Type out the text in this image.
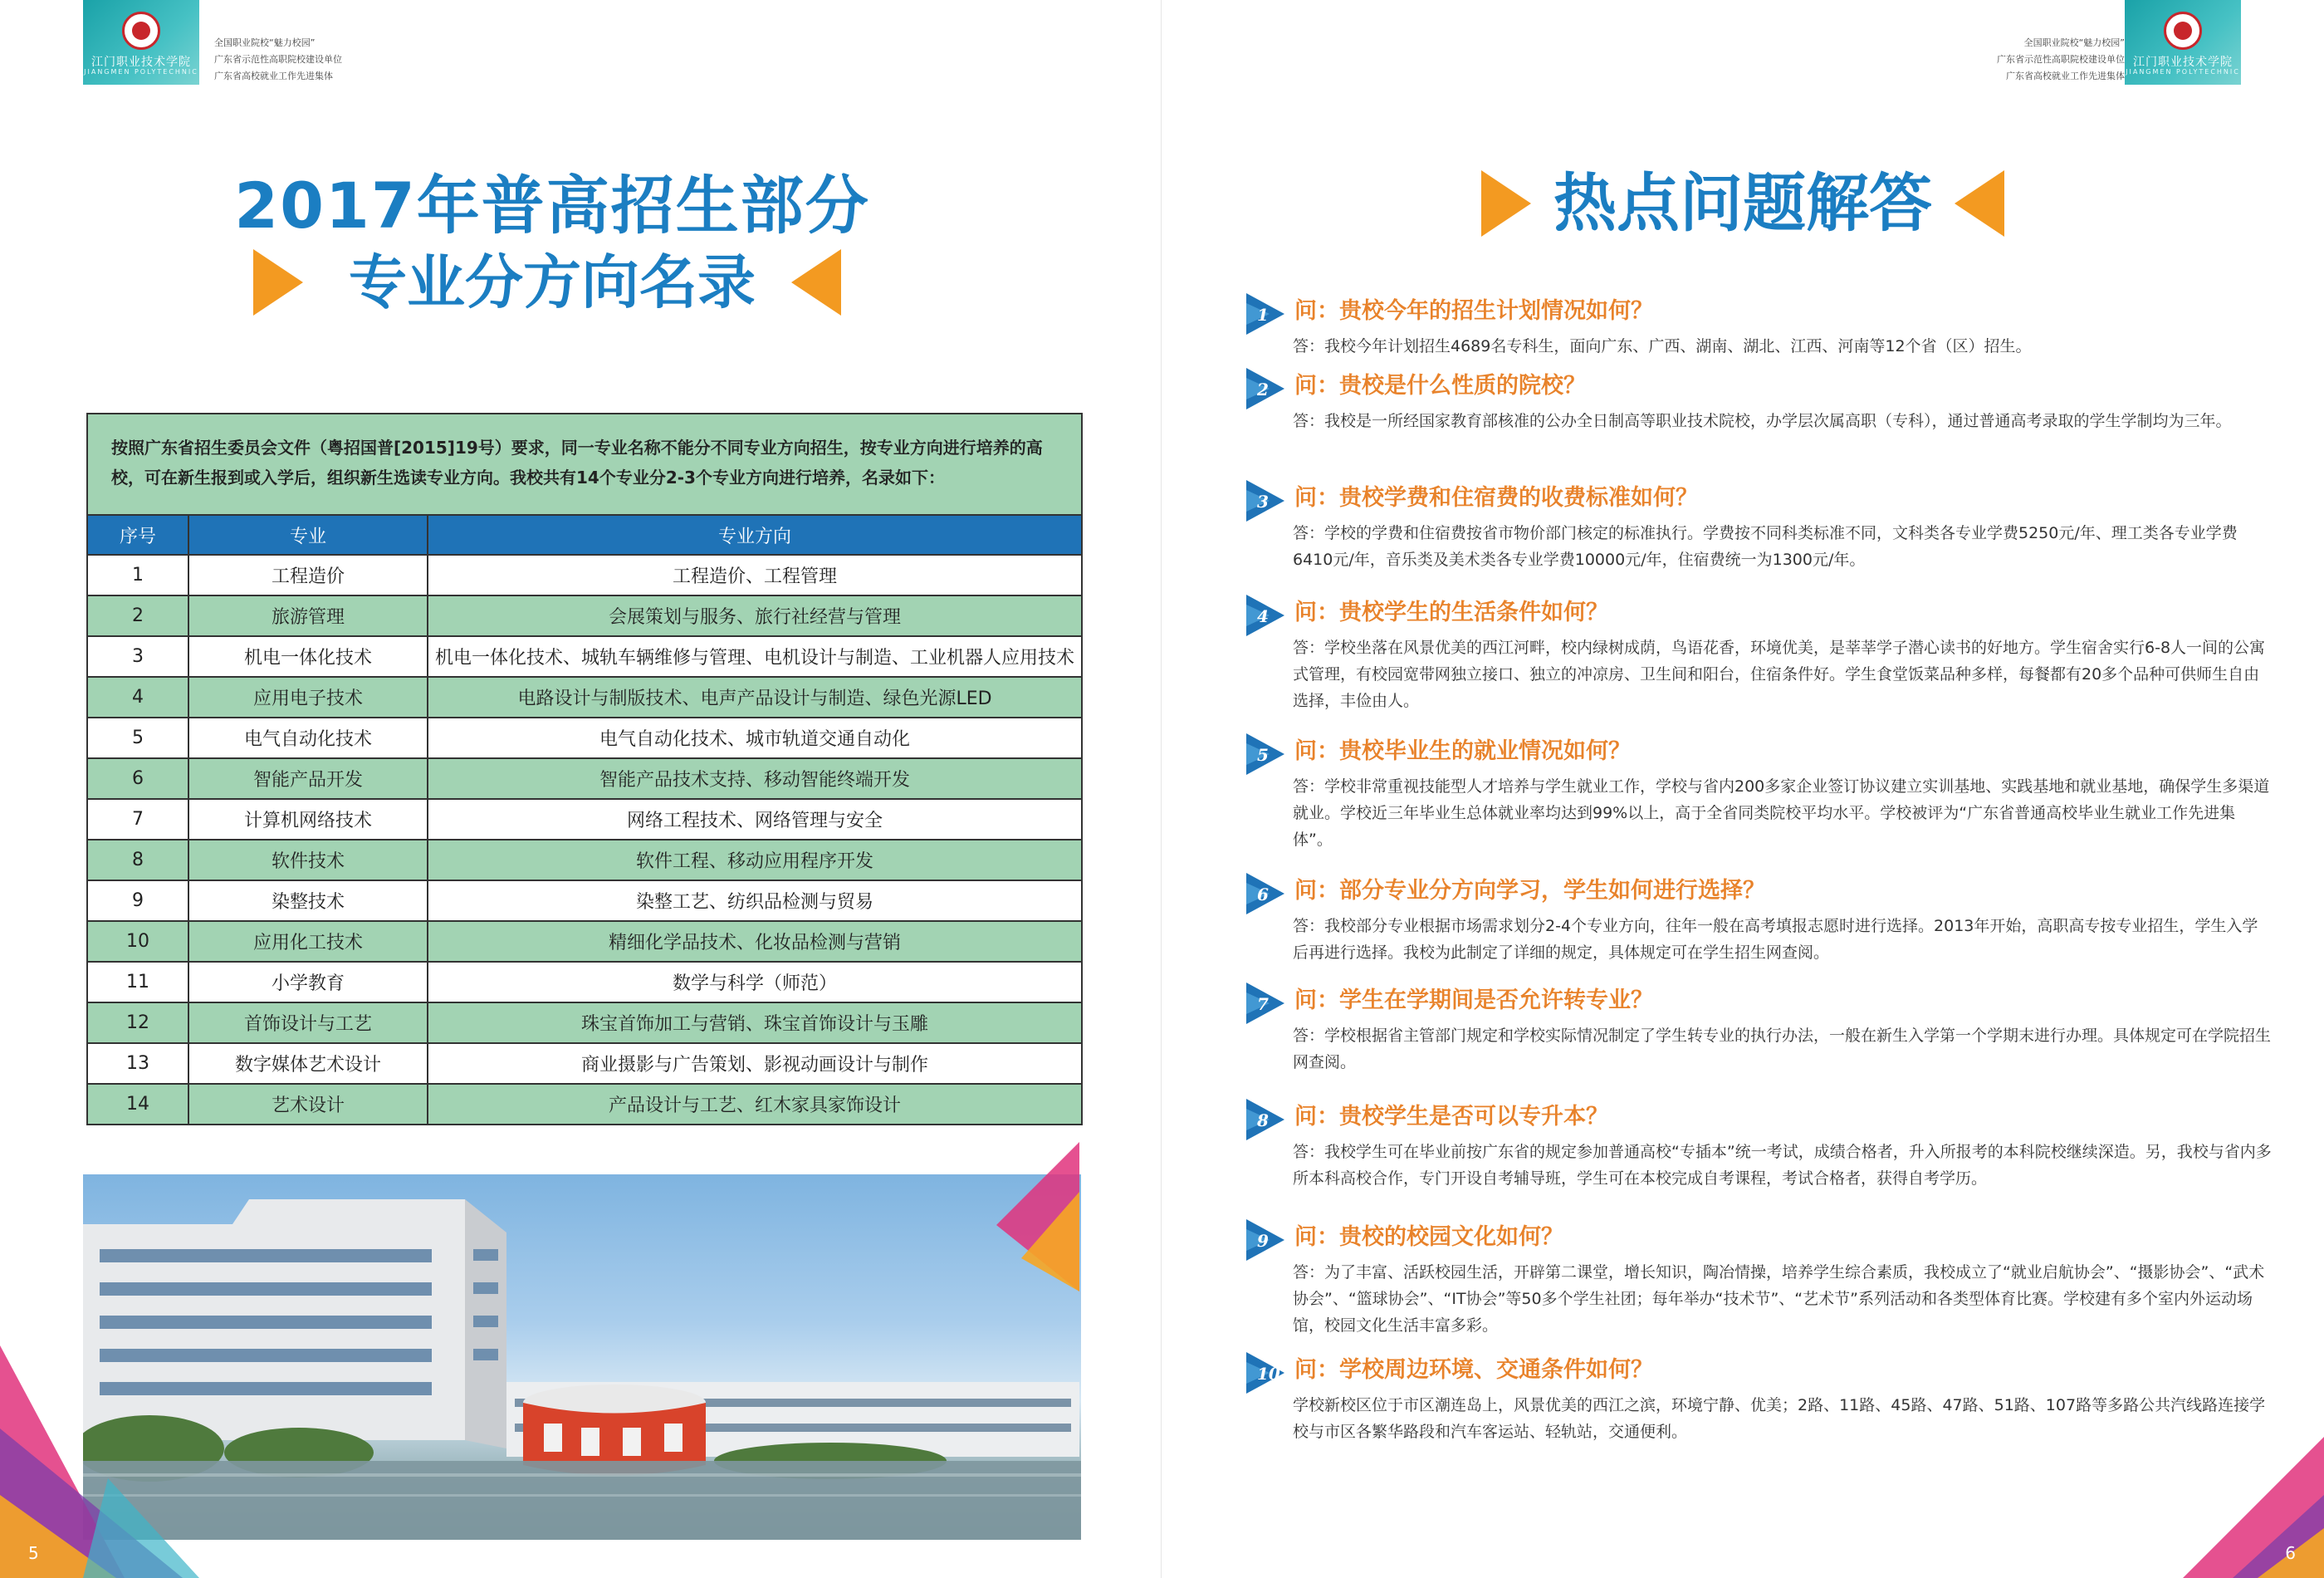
江门职业技术学院
JIANGMEN POLYTECHNIC
全国职业院校“魅力校园”
广东省示范性高职院校建设单位
广东省高校就业工作先进集体
2017年普高招生部分
专业分方向名录
按照广东省招生委员会文件（粤招国普[2015]19号）要求，同一专业名称不能分不同专业方向招生，按专业方向进行培养的高校，可在新生报到或入学后，组织新生选读专业方向。我校共有14个专业分2-3个专业方向进行培养，名录如下：
序号	专业	专业方向
1	工程造价	工程造价、工程管理
2	旅游管理	会展策划与服务、旅行社经营与管理
3	机电一体化技术	机电一体化技术、城轨车辆维修与管理、电机设计与制造、工业机器人应用技术
4	应用电子技术	电路设计与制版技术、电声产品设计与制造、绿色光源LED
5	电气自动化技术	电气自动化技术、城市轨道交通自动化
6	智能产品开发	智能产品技术支持、移动智能终端开发
7	计算机网络技术	网络工程技术、网络管理与安全
8	软件技术	软件工程、移动应用程序开发
9	染整技术	染整工艺、纺织品检测与贸易
10	应用化工技术	精细化学品技术、化妆品检测与营销
11	小学教育	数学与科学（师范）
12	首饰设计与工艺	珠宝首饰加工与营销、珠宝首饰设计与玉雕
13	数字媒体艺术设计	商业摄影与广告策划、影视动画设计与制作
14	艺术设计	产品设计与工艺、红木家具家饰设计
5
江门职业技术学院
JIANGMEN POLYTECHNIC
全国职业院校“魅力校园”
广东省示范性高职院校建设单位
广东省高校就业工作先进集体
热点问题解答
1 问：贵校今年的招生计划情况如何？
答：我校今年计划招生4689名专科生，面向广东、广西、湖南、湖北、江西、河南等12个省（区）招生。
2 问：贵校是什么性质的院校？
答：我校是一所经国家教育部核准的公办全日制高等职业技术院校，办学层次属高职（专科），通过普通高考录取的学生学制均为三年。
3 问：贵校学费和住宿费的收费标准如何？
答：学校的学费和住宿费按省市物价部门核定的标准执行。学费按不同科类标准不同，文科类各专业学费5250元/年、理工类各专业学费6410元/年，音乐类及美术类各专业学费10000元/年，住宿费统一为1300元/年。
4 问：贵校学生的生活条件如何？
答：学校坐落在风景优美的西江河畔，校内绿树成荫，鸟语花香，环境优美，是莘莘学子潜心读书的好地方。学生宿舍实行6-8人一间的公寓式管理，有校园宽带网独立接口、独立的冲凉房、卫生间和阳台，住宿条件好。学生食堂饭菜品种多样，每餐都有20多个品种可供师生自由选择，丰俭由人。
5 问：贵校毕业生的就业情况如何？
答：学校非常重视技能型人才培养与学生就业工作，学校与省内200多家企业签订协议建立实训基地、实践基地和就业基地，确保学生多渠道就业。学校近三年毕业生总体就业率均达到99%以上，高于全省同类院校平均水平。学校被评为“广东省普通高校毕业生就业工作先进集体”。
6 问：部分专业分方向学习，学生如何进行选择？
答：我校部分专业根据市场需求划分2-4个专业方向，往年一般在高考填报志愿时进行选择。2013年开始，高职高专按专业招生，学生入学后再进行选择。我校为此制定了详细的规定，具体规定可在学生招生网查阅。
7 问：学生在学期间是否允许转专业？
答：学校根据省主管部门规定和学校实际情况制定了学生转专业的执行办法，一般在新生入学第一个学期末进行办理。具体规定可在学院招生网查阅。
8 问：贵校学生是否可以专升本？
答：我校学生可在毕业前按广东省的规定参加普通高校“专插本”统一考试，成绩合格者，升入所报考的本科院校继续深造。另，我校与省内多所本科高校合作，专门开设自考辅导班，学生可在本校完成自考课程，考试合格者，获得自考学历。
9 问：贵校的校园文化如何？
答：为了丰富、活跃校园生活，开辟第二课堂，增长知识，陶冶情操，培养学生综合素质，我校成立了“就业启航协会”、“摄影协会”、“武术协会”、“篮球协会”、“IT协会”等50多个学生社团；每年举办“技术节”、“艺术节”系列活动和各类型体育比赛。学校建有多个室内外运动场馆，校园文化生活丰富多彩。
10 问：学校周边环境、交通条件如何？
学校新校区位于市区潮连岛上，风景优美的西江之滨，环境宁静、优美；2路、11路、45路、47路、51路、107路等多路公共汽线路连接学校与市区各繁华路段和汽车客运站、轻轨站，交通便利。
6
